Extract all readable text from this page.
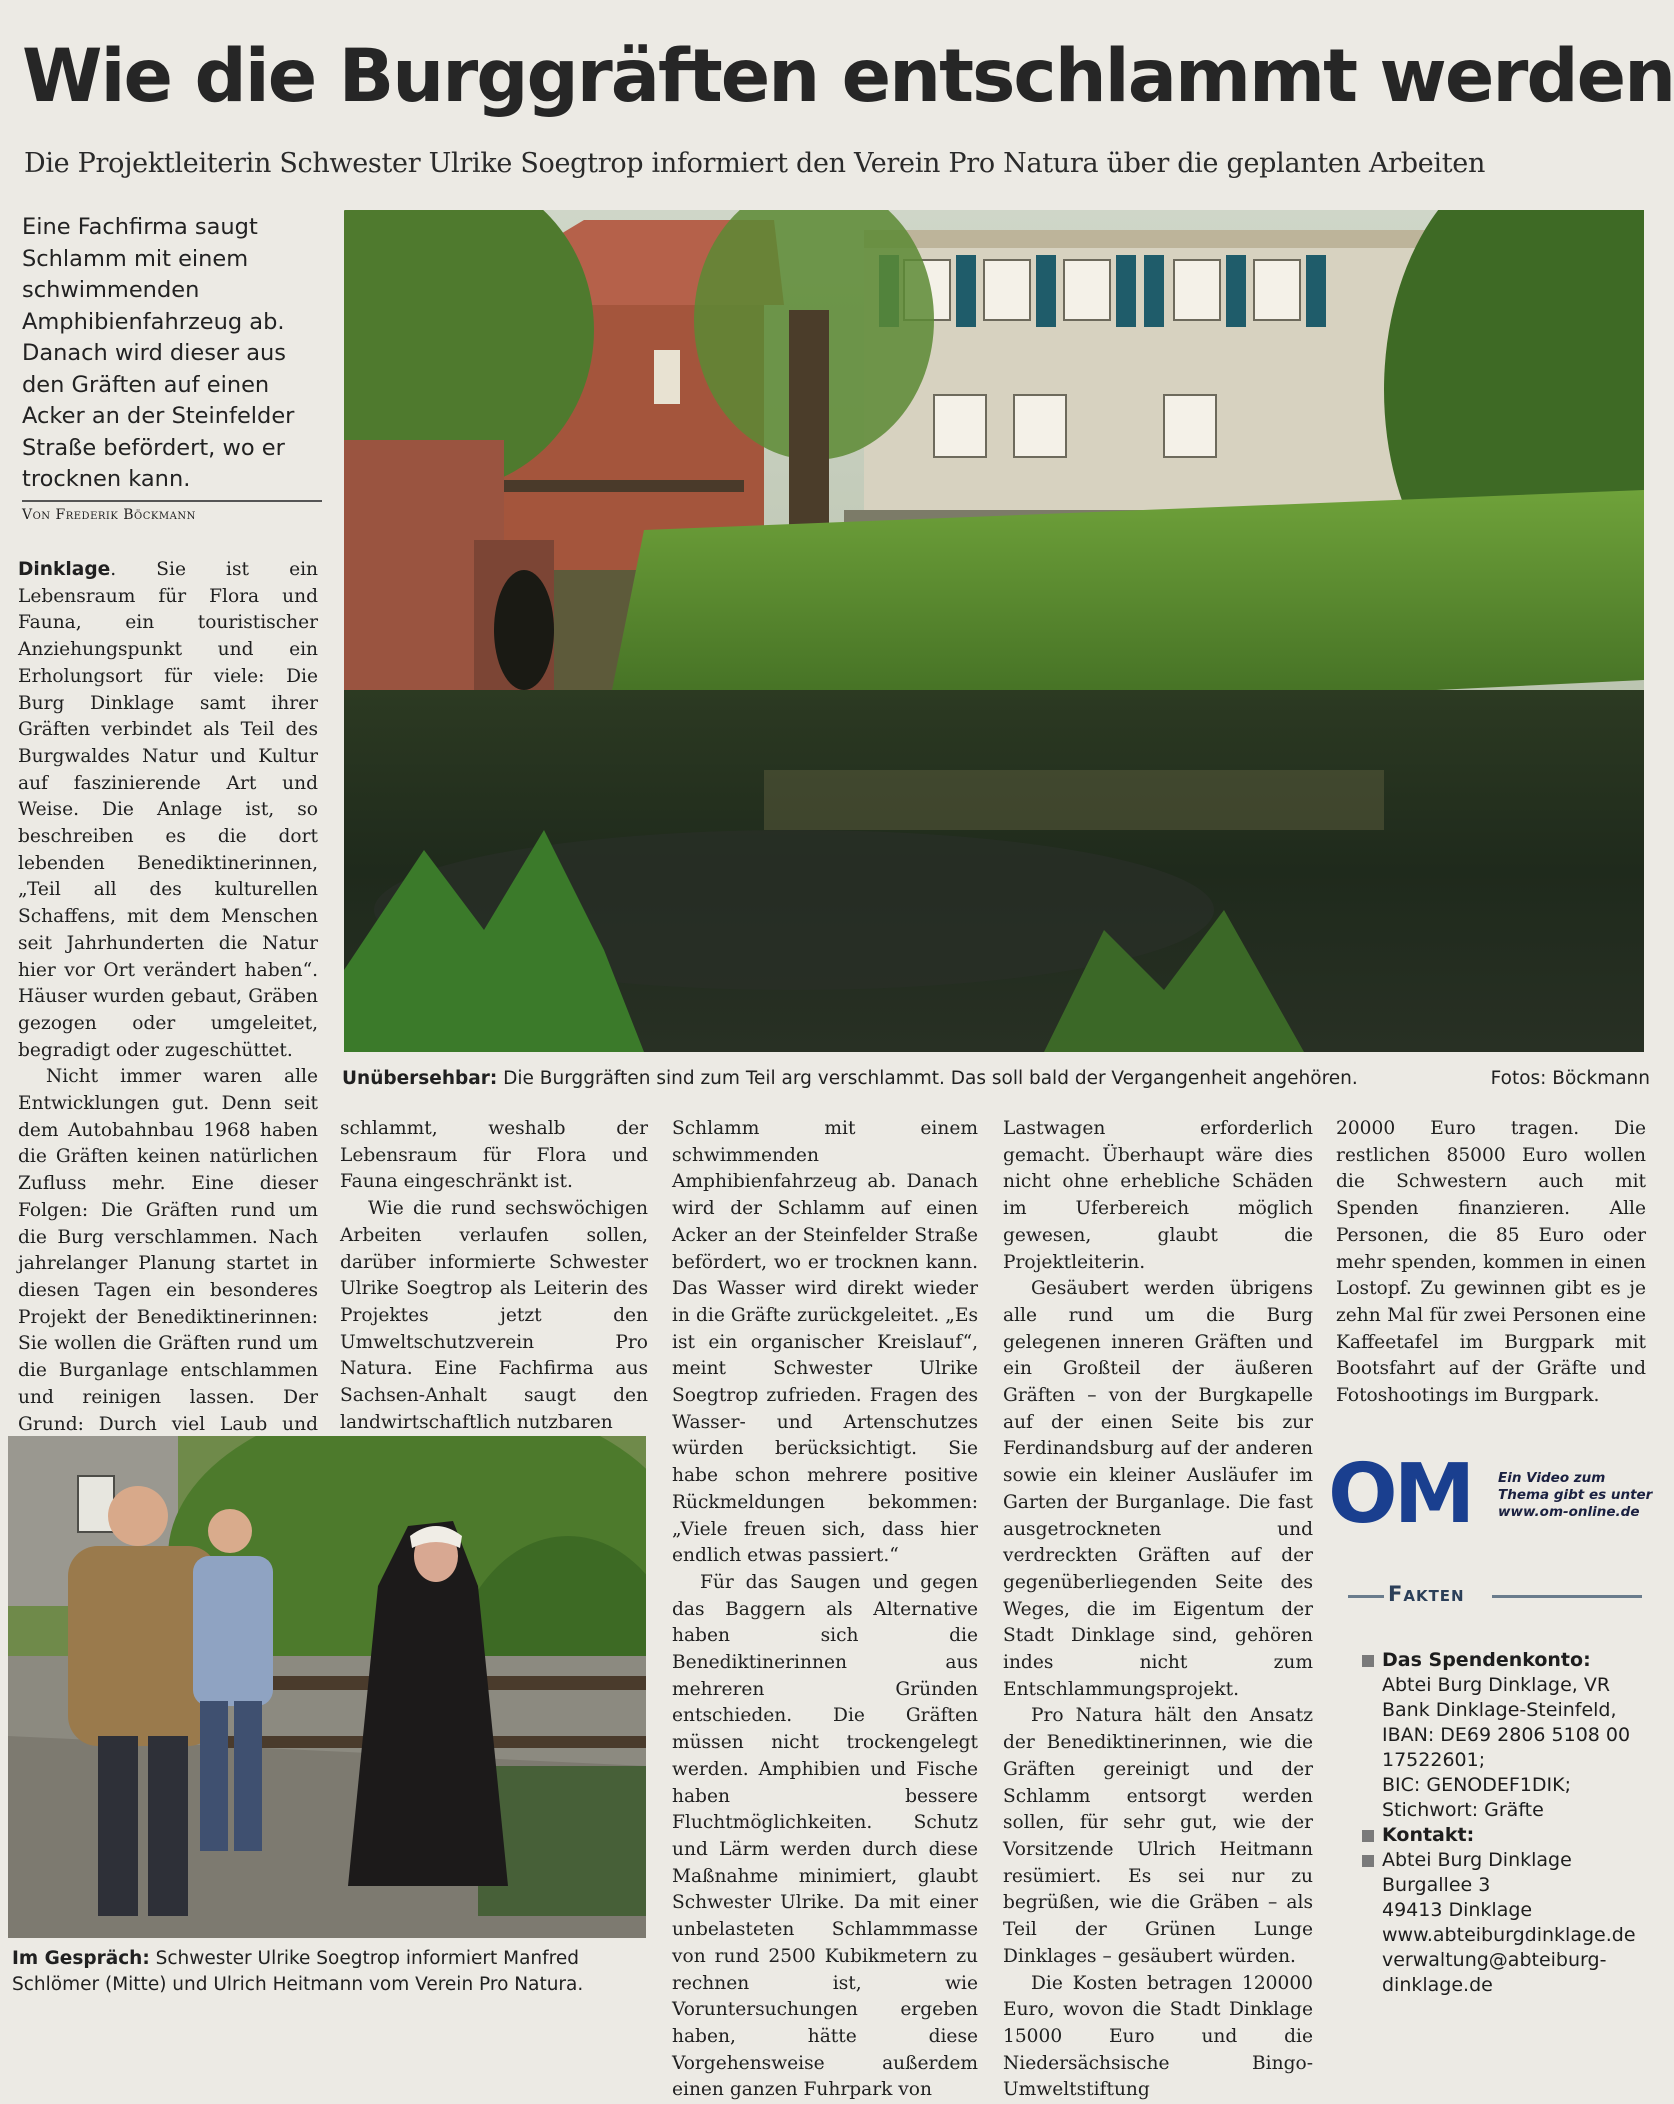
Wie die Burggräften entschlammt werden
Die Projektleiterin Schwester Ulrike Soegtrop informiert den Verein Pro Natura über die geplanten Arbeiten
Eine Fachfirma saugt Schlamm mit einem schwimmenden Amphibienfahrzeug ab. Danach wird dieser aus den Gräften auf einen Acker an der Steinfelder Straße befördert, wo er trocknen kann.
Von Frederik Böckmann

Dinklage. Sie ist ein Lebensraum für Flora und Fauna, ein touristischer Anziehungspunkt und ein Erholungsort für viele: Die Burg Dinklage samt ihrer Gräften verbindet als Teil des Burgwaldes Natur und Kultur auf faszinierende Art und Weise. Die Anlage ist, so beschreiben es die dort lebenden Benediktinerinnen, „Teil all des kulturellen Schaffens, mit dem Menschen seit Jahrhunderten die Natur hier vor Ort verändert haben“. Häuser wurden gebaut, Gräben gezogen oder umgeleitet, begradigt oder zugeschüttet.

Nicht immer waren alle Entwicklungen gut. Denn seit dem Autobahnbau 1968 haben die Gräften keinen natürlichen Zufluss mehr. Eine dieser Folgen: Die Gräften rund um die Burg verschlammen. Nach jahrelanger Planung startet in diesen Tagen ein besonderes Projekt der Benediktinerinnen: Sie wollen die Gräften rund um die Burganlage entschlammen und reinigen lassen. Der Grund: Durch viel Laub und

Unübersehbar: Die Burggräften sind zum Teil arg verschlammt. Das soll bald der Vergangenheit angehören.	Fotos: Böckmann

schlammt, weshalb der Lebensraum für Flora und Fauna eingeschränkt ist.

Wie die rund sechswöchigen Arbeiten verlaufen sollen, darüber informierte Schwester Ulrike Soegtrop als Leiterin des Projektes jetzt den Umweltschutzverein Pro Natura. Eine Fachfirma aus Sachsen-Anhalt saugt den landwirtschaftlich nutzbaren

Schlamm mit einem schwimmenden Amphibienfahrzeug ab. Danach wird der Schlamm auf einen Acker an der Steinfelder Straße befördert, wo er trocknen kann. Das Wasser wird direkt wieder in die Gräfte zurückgeleitet. „Es ist ein organischer Kreislauf“, meint Schwester Ulrike Soegtrop zufrieden. Fragen des Wasser- und Artenschutzes würden berücksichtigt. Sie habe schon mehrere positive Rückmeldungen bekommen: „Viele freuen sich, dass hier endlich etwas passiert.“

Für das Saugen und gegen das Baggern als Alternative haben sich die Benediktinerinnen aus mehreren Gründen entschieden. Die Gräften müssen nicht trockengelegt werden. Amphibien und Fische haben bessere Fluchtmöglichkeiten. Schutz und Lärm werden durch diese Maßnahme minimiert, glaubt Schwester Ulrike. Da mit einer unbelasteten Schlammmasse von rund 2500 Kubikmetern zu rechnen ist, wie Voruntersuchungen ergeben haben, hätte diese Vorgehensweise außerdem einen ganzen Fuhrpark von

Lastwagen erforderlich gemacht. Überhaupt wäre dies nicht ohne erhebliche Schäden im Uferbereich möglich gewesen, glaubt die Projektleiterin.

Gesäubert werden übrigens alle rund um die Burg gelegenen inneren Gräften und ein Großteil der äußeren Gräften – von der Burgkapelle auf der einen Seite bis zur Ferdinandsburg auf der anderen sowie ein kleiner Ausläufer im Garten der Burganlage. Die fast ausgetrockneten und verdreckten Gräften auf der gegenüberliegenden Seite des Weges, die im Eigentum der Stadt Dinklage sind, gehören indes nicht zum Entschlammungsprojekt.

Pro Natura hält den Ansatz der Benediktinerinnen, wie die Gräften gereinigt und der Schlamm entsorgt werden sollen, für sehr gut, wie der Vorsitzende Ulrich Heitmann resümiert. Es sei nur zu begrüßen, wie die Gräben – als Teil der Grünen Lunge Dinklages – gesäubert würden.

Die Kosten betragen 120000 Euro, wovon die Stadt Dinklage 15000 Euro und die Niedersächsische Bingo-Umweltstiftung

20000 Euro tragen. Die restlichen 85000 Euro wollen die Schwestern auch mit Spenden finanzieren. Alle Personen, die 85 Euro oder mehr spenden, kommen in einen Lostopf. Zu gewinnen gibt es je zehn Mal für zwei Personen eine Kaffeetafel im Burgpark mit Bootsfahrt auf der Gräfte und Fotoshootings im Burgpark.

Im Gespräch: Schwester Ulrike Soegtrop informiert Manfred Schlömer (Mitte) und Ulrich Heitmann vom Verein Pro Natura.
OM Ein Video zum
Thema gibt es unter
www.om-online.de
Fakten
Das Spendenkonto:
Abtei Burg Dinklage, VR
Bank Dinklage-Steinfeld,
IBAN: DE69 2806 5108 00
17522601;
BIC: GENODEF1DIK;
Stichwort: Gräfte
Kontakt:
Abtei Burg Dinklage
Burgallee 3
49413 Dinklage
www.abteiburgdinklage.de
verwaltung@abteiburg-
dinklage.de
